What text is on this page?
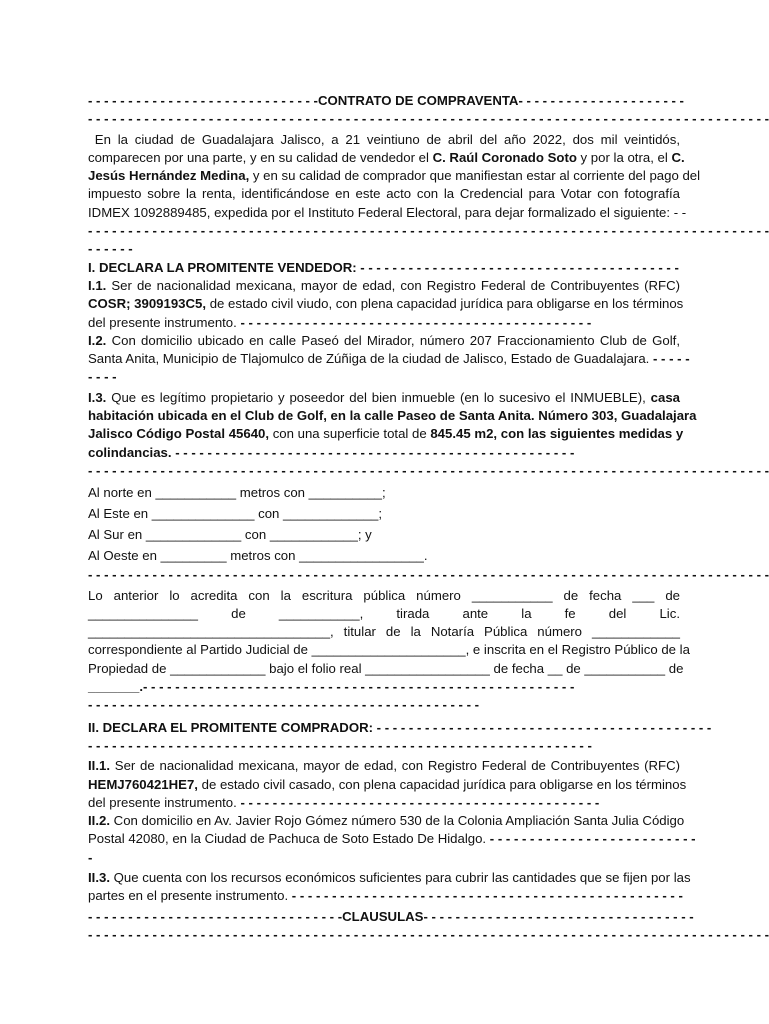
- - - - - - - - - - - - - - - - - - - - - - - - - - - - -CONTRATO DE COMPRAVENTA- - - - - - - - - - - - - - - - - - - - -
- - - - - - - - - - - - - - - - - - - - - - - - - - - - - - - - - - - - - - - - - - - - - - - - - - - - - - - - - - - - - - - - - - - - - - - - - - - - - - - - - - - - -
En la ciudad de Guadalajara Jalisco, a 21 veintiuno de abril del año 2022, dos mil veintidós,
comparecen por una parte, y en su calidad de vendedor el C. Raúl Coronado Soto y por la otra, el C.
Jesús Hernández Medina, y en su calidad de comprador que manifiestan estar al corriente del pago del
impuesto sobre la renta, identificándose en este acto con la Credencial para Votar con fotografía
IDMEX 1092889485, expedida por el Instituto Federal Electoral, para dejar formalizado el siguiente: - -
- - - - - - - - - - - - - - - - - - - - - - - - - - - - - - - - - - - - - - - - - - - - - - - - - - - - - - - - - - - - - - - - - - - - - - - - - - - - - - - - - - - - -
- - - - - -
I. DECLARA LA PROMITENTE VENDEDOR: - - - - - - - - - - - - - - - - - - - - - - - - - - - - - - - - - - - - - - - -
I.1. Ser de nacionalidad mexicana, mayor de edad, con Registro Federal de Contribuyentes (RFC)
COSR; 3909193C5, de estado civil viudo, con plena capacidad jurídica para obligarse en los términos
del presente instrumento. - - - - - - - - - - - - - - - - - - - - - - - - - - - - - - - - - - - - - - - - - - - -
I.2. Con domicilio ubicado en calle Paseó del Mirador, número 207 Fraccionamiento Club de Golf,
Santa Anita, Municipio de Tlajomulco de Zúñiga de la ciudad de Jalisco, Estado de Guadalajara. - - - - -
- - - -
I.3. Que es legítimo propietario y poseedor del bien inmueble (en lo sucesivo el INMUEBLE), casa
habitación ubicada en el Club de Golf, en la calle Paseo de Santa Anita. Número 303, Guadalajara
Jalisco Código Postal 45640, con una superficie total de 845.45 m2, con las siguientes medidas y
colindancias. - - - - - - - - - - - - - - - - - - - - - - - - - - - - - - - - - - - - - - - - - - - - - - - - - -
- - - - - - - - - - - - - - - - - - - - - - - - - - - - - - - - - - - - - - - - - - - - - - - - - - - - - - - - - - - - - - - - - - - - - - - - - - - - - - - - - - - - -
Al norte en ___________ metros con __________;
Al Este en ______________ con _____________;
Al Sur en _____________ con ____________; y
Al Oeste en _________ metros con _________________.
- - - - - - - - - - - - - - - - - - - - - - - - - - - - - - - - - - - - - - - - - - - - - - - - - - - - - - - - - - - - - - - - - - - - - - - - - - - - - - - - - - - - -
Lo anterior lo acredita con la escritura pública número ___________ de fecha ___ de
_______________ de ___________, tirada ante la fe del Lic.
_________________________________, titular de la Notaría Pública número ____________
correspondiente al Partido Judicial de _____________________, e inscrita en el Registro Público de la
Propiedad de _____________ bajo el folio real _________________ de fecha __ de ___________ de
_______.- - - - - - - - - - - - - - - - - - - - - - - - - - - - - - - - - - - - - - - - - - - - - - - - - - - - - -
- - - - - - - - - - - - - - - - - - - - - - - - - - - - - - - - - - - - - - - - - - - - - - - - -
II. DECLARA EL PROMITENTE COMPRADOR: - - - - - - - - - - - - - - - - - - - - - - - - - - - - - - - - - - - - - - - - - -
- - - - - - - - - - - - - - - - - - - - - - - - - - - - - - - - - - - - - - - - - - - - - - - - - - - - - - - - - - - - - - -
II.1. Ser de nacionalidad mexicana, mayor de edad, con Registro Federal de Contribuyentes (RFC)
HEMJ760421HE7, de estado civil casado, con plena capacidad jurídica para obligarse en los términos
del presente instrumento. - - - - - - - - - - - - - - - - - - - - - - - - - - - - - - - - - - - - - - - - - - - - -
II.2. Con domicilio en Av. Javier Rojo Gómez número 530 de la Colonia Ampliación Santa Julia Código
Postal 42080, en la Ciudad de Pachuca de Soto Estado De Hidalgo. - - - - - - - - - - - - - - - - - - - - - - - - - -
-
II.3. Que cuenta con los recursos económicos suficientes para cubrir las cantidades que se fijen por las
partes en el presente instrumento. - - - - - - - - - - - - - - - - - - - - - - - - - - - - - - - - - - - - - - - - - - - - - - - - -
- - - - - - - - - - - - - - - - - - - - - - - - - - - - - - - -CLAUSULAS- - - - - - - - - - - - - - - - - - - - - - - - - - - - - - - - - -
- - - - - - - - - - - - - - - - - - - - - - - - - - - - - - - - - - - - - - - - - - - - - - - - - - - - - - - - - - - - - - - - - - - - - - - - - - - - - - - - - - - - -
